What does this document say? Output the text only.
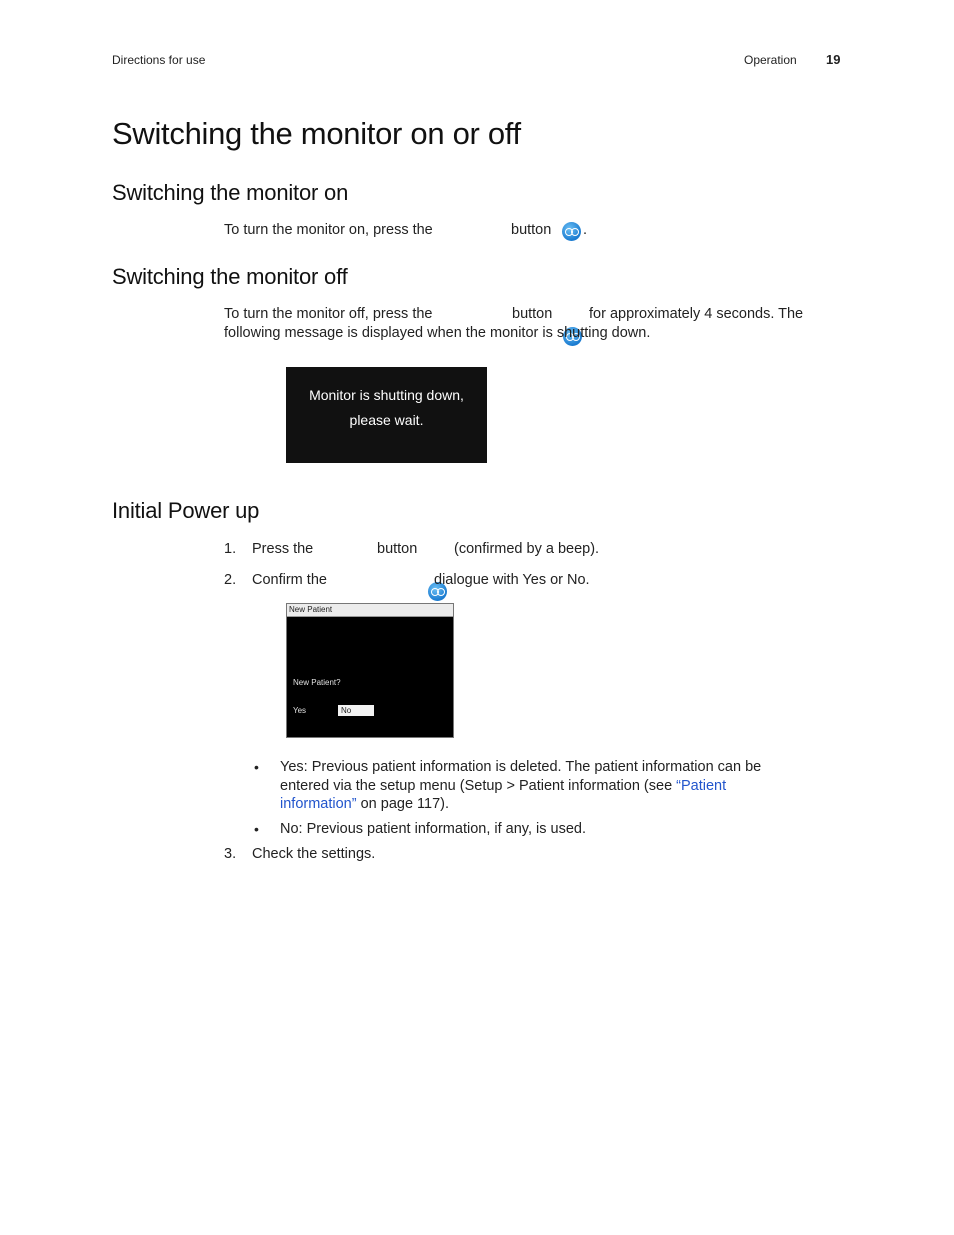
Directions for use	Operation 19
Switching the monitor on or off
Switching the monitor on
To turn the monitor on, press the	button .
Switching the monitor off
To turn the monitor off, press the	button	for approximately 4 seconds. The
following message is displayed when the monitor is shutting down.
Monitor is shutting down,
please wait.
Initial Power up
1. Press the	button	(confirmed by a beep).
2. Confirm the	dialogue with Yes or No.
New Patient
New Patient?
Yes	No
• Yes: Previous patient information is deleted. The patient information can be
entered via the setup menu (Setup > Patient information (see “Patient
information” on page 117).
• No: Previous patient information, if any, is used.
3. Check the settings.
